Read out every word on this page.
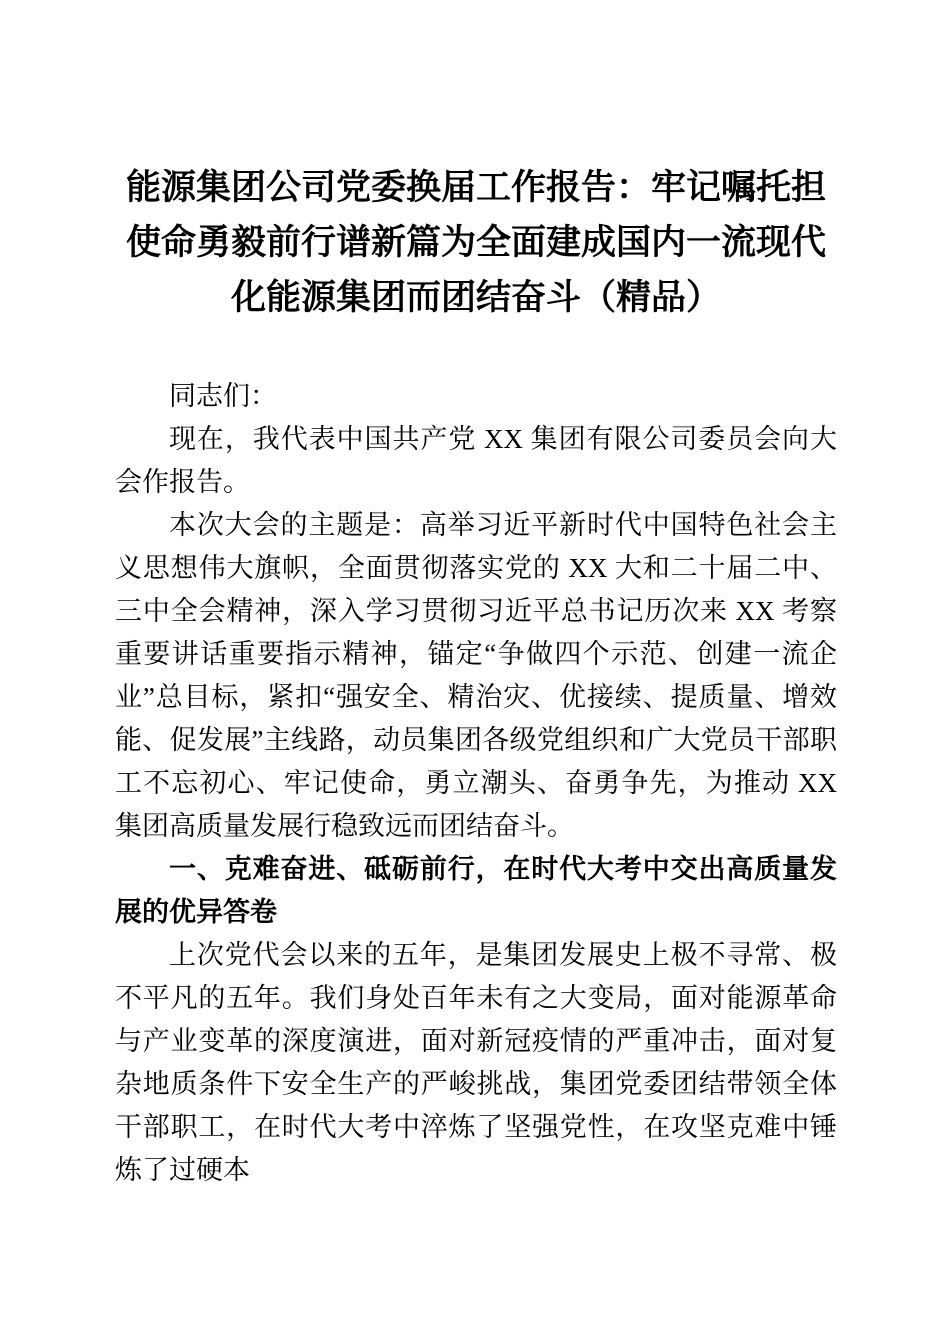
能源集团公司党委换届工作报告：牢记嘱托担使命勇毅前行谱新篇为全面建成国内一流现代化能源集团而团结奋斗（精品）

同志们：

现在，我代表中国共产党 XX 集团有限公司委员会向大会作报告。

本次大会的主题是：高举习近平新时代中国特色社会主义思想伟大旗帜，全面贯彻落实党的 XX 大和二十届二中、三中全会精神，深入学习贯彻习近平总书记历次来 XX 考察重要讲话重要指示精神，锚定“争做四个示范、创建一流企业”总目标，紧扣“强安全、精治灾、优接续、提质量、增效能、促发展”主线路，动员集团各级党组织和广大党员干部职工不忘初心、牢记使命，勇立潮头、奋勇争先，为推动 XX 集团高质量发展行稳致远而团结奋斗。

一、克难奋进、砥砺前行，在时代大考中交出高质量发展的优异答卷

上次党代会以来的五年，是集团发展史上极不寻常、极不平凡的五年。我们身处百年未有之大变局，面对能源革命与产业变革的深度演进，面对新冠疫情的严重冲击，面对复杂地质条件下安全生产的严峻挑战，集团党委团结带领全体干部职工，在时代大考中淬炼了坚强党性，在攻坚克难中锤炼了过硬本
